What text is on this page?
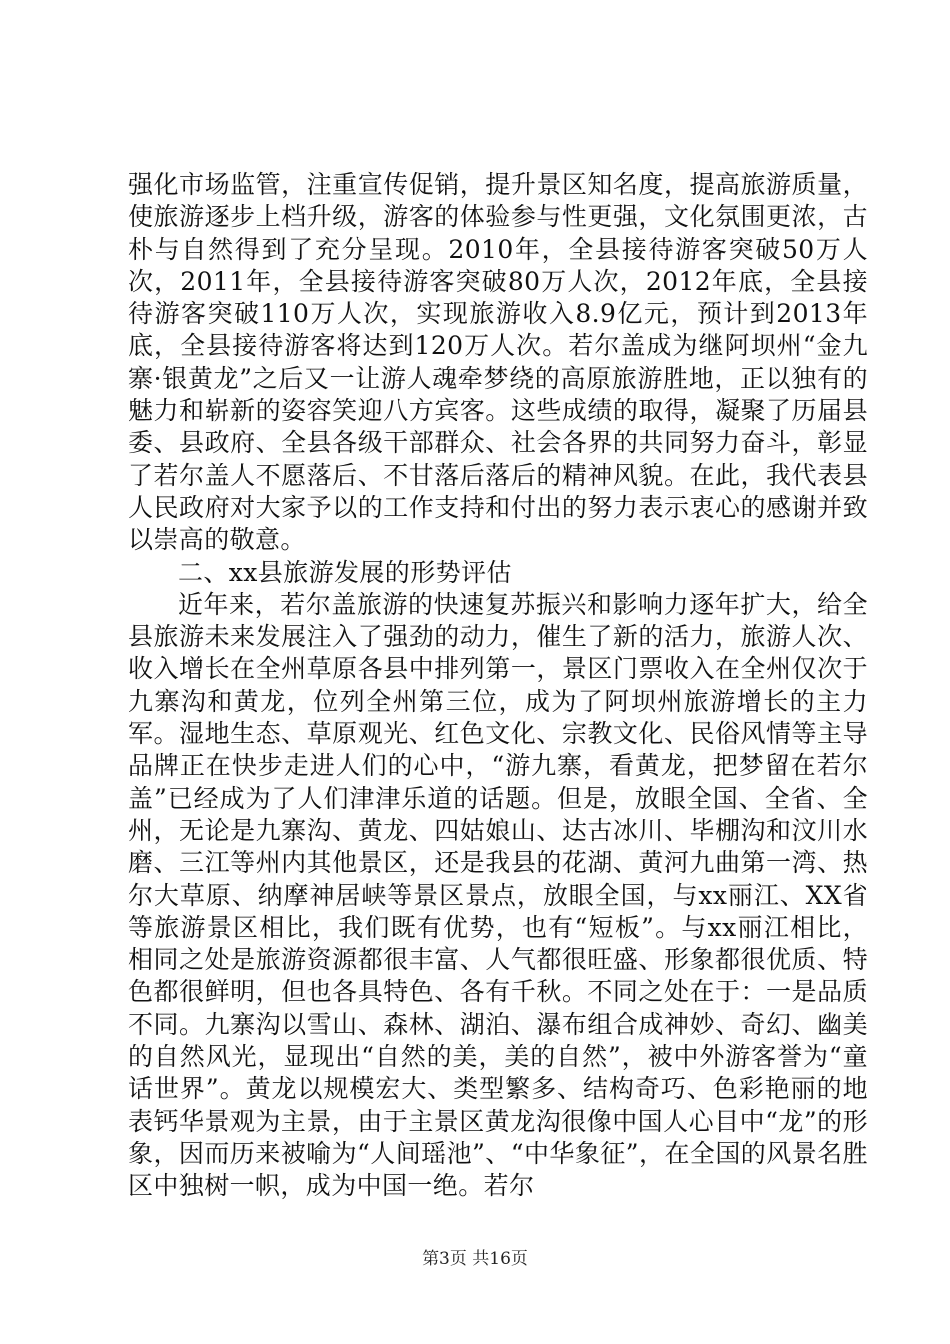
强化市场监管，注重宣传促销，提升景区知名度，提高旅游质量，使旅游逐步上档升级，游客的体验参与性更强，文化氛围更浓，古朴与自然得到了充分呈现。2010年，全县接待游客突破50万人次，2011年，全县接待游客突破80万人次，2012年底，全县接待游客突破110万人次，实现旅游收入8.9亿元，预计到2013年底，全县接待游客将达到120万人次。若尔盖成为继阿坝州“金九寨·银黄龙”之后又一让游人魂牵梦绕的高原旅游胜地，正以独有的魅力和崭新的姿容笑迎八方宾客。这些成绩的取得，凝聚了历届县委、县政府、全县各级干部群众、社会各界的共同努力奋斗，彰显了若尔盖人不愿落后、不甘落后落后的精神风貌。在此，我代表县人民政府对大家予以的工作支持和付出的努力表示衷心的感谢并致以崇高的敬意。

二、xx县旅游发展的形势评估

近年来，若尔盖旅游的快速复苏振兴和影响力逐年扩大，给全县旅游未来发展注入了强劲的动力，催生了新的活力，旅游人次、收入增长在全州草原各县中排列第一，景区门票收入在全州仅次于九寨沟和黄龙，位列全州第三位，成为了阿坝州旅游增长的主力军。湿地生态、草原观光、红色文化、宗教文化、民俗风情等主导品牌正在快步走进人们的心中，“游九寨，看黄龙，把梦留在若尔盖”已经成为了人们津津乐道的话题。但是，放眼全国、全省、全州，无论是九寨沟、黄龙、四姑娘山、达古冰川、毕棚沟和汶川水磨、三江等州内其他景区，还是我县的花湖、黄河九曲第一湾、热尔大草原、纳摩神居峡等景区景点，放眼全国，与xx丽江、XX省等旅游景区相比，我们既有优势，也有“短板”。与xx丽江相比，相同之处是旅游资源都很丰富、人气都很旺盛、形象都很优质、特色都很鲜明，但也各具特色、各有千秋。不同之处在于：一是品质不同。九寨沟以雪山、森林、湖泊、瀑布组合成神妙、奇幻、幽美的自然风光，显现出“自然的美，美的自然”，被中外游客誉为“童话世界”。黄龙以规模宏大、类型繁多、结构奇巧、色彩艳丽的地表钙华景观为主景，由于主景区黄龙沟很像中国人心目中“龙”的形象，因而历来被喻为“人间瑶池”、“中华象征”，在全国的风景名胜区中独树一帜，成为中国一绝。若尔

第3页 共16页
